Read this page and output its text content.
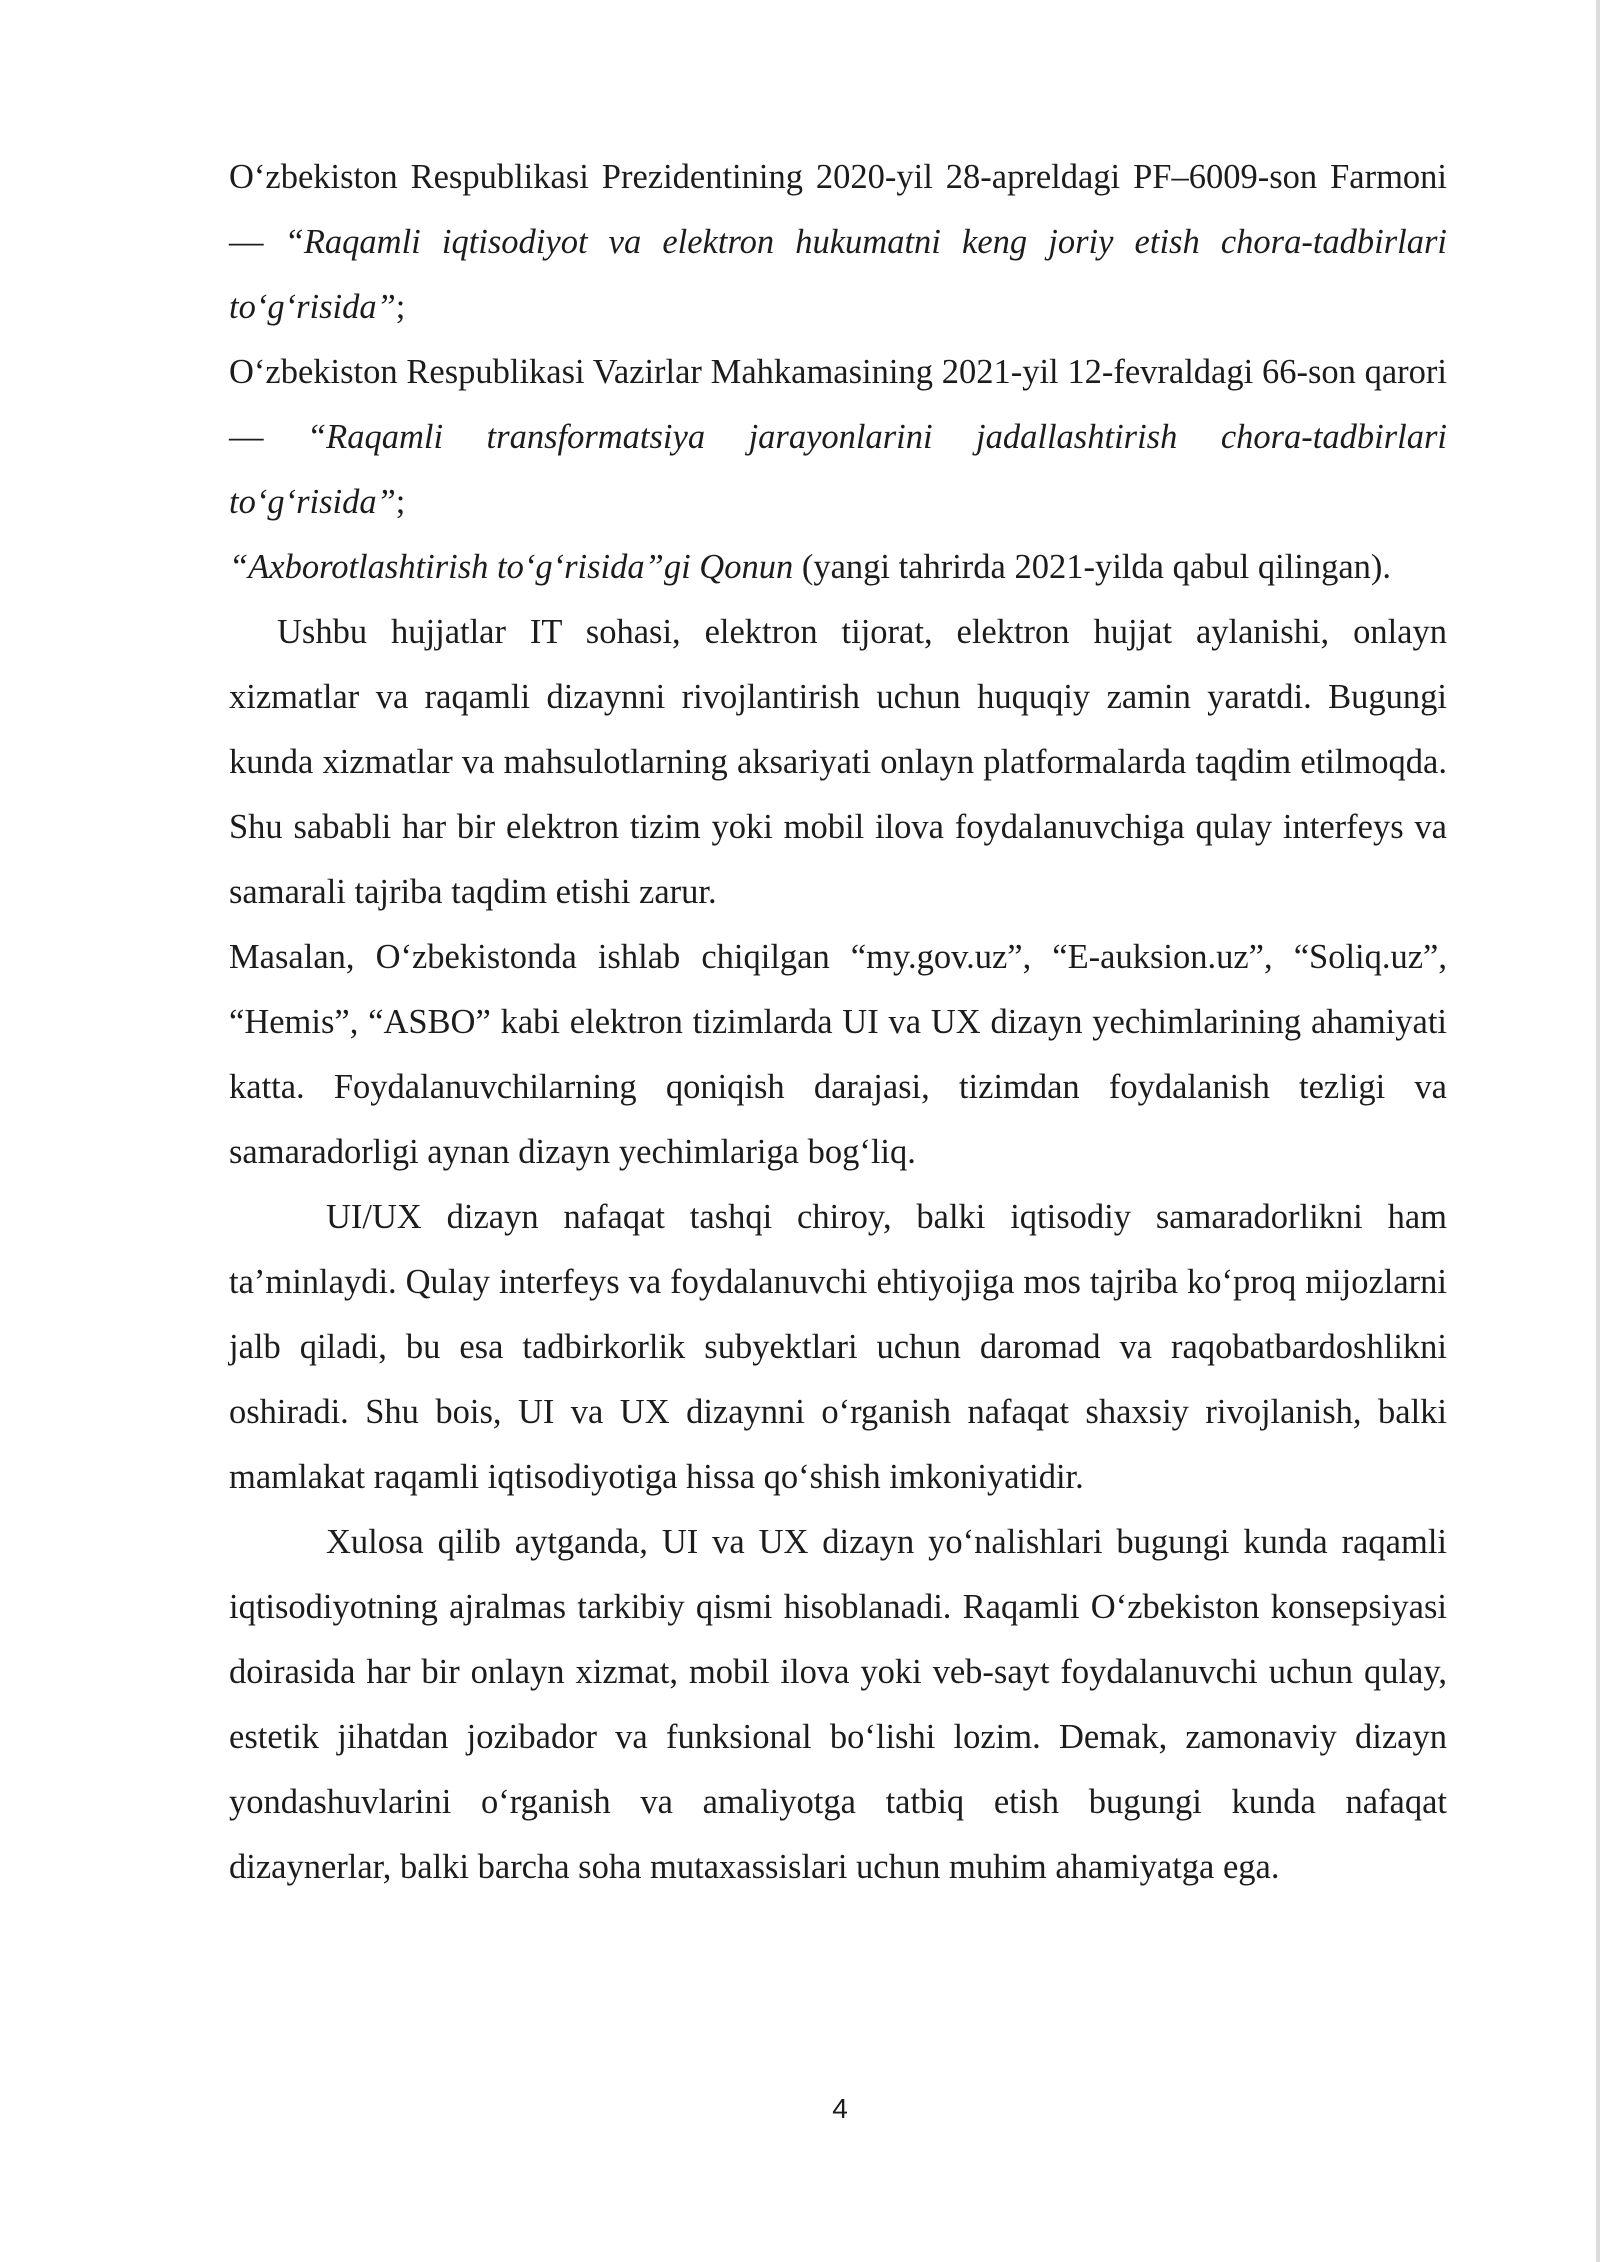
O‘zbekiston Respublikasi Prezidentining 2020-yil 28-apreldagi PF–6009-son Farmoni — “Raqamli iqtisodiyot va elektron hukumatni keng joriy etish chora-tadbirlari to‘g‘risida”;

O‘zbekiston Respublikasi Vazirlar Mahkamasining 2021-yil 12-fevraldagi 66-son qarori — “Raqamli transformatsiya jarayonlarini jadallashtirish chora-tadbirlari to‘g‘risida”;

“Axborotlashtirish to‘g‘risida”gi Qonun (yangi tahrirda 2021-yilda qabul qilingan).

Ushbu hujjatlar IT sohasi, elektron tijorat, elektron hujjat aylanishi, onlayn xizmatlar va raqamli dizaynni rivojlantirish uchun huquqiy zamin yaratdi. Bugungi kunda xizmatlar va mahsulotlarning aksariyati onlayn platformalarda taqdim etilmoqda. Shu sababli har bir elektron tizim yoki mobil ilova foydalanuvchiga qulay interfeys va samarali tajriba taqdim etishi zarur.

Masalan, O‘zbekistonda ishlab chiqilgan “my.gov.uz”, “E-auksion.uz”, “Soliq.uz”, “Hemis”, “ASBO” kabi elektron tizimlarda UI va UX dizayn yechimlarining ahamiyati katta. Foydalanuvchilarning qoniqish darajasi, tizimdan foydalanish tezligi va samaradorligi aynan dizayn yechimlariga bog‘liq.

UI/UX dizayn nafaqat tashqi chiroy, balki iqtisodiy samaradorlikni ham ta’minlaydi. Qulay interfeys va foydalanuvchi ehtiyojiga mos tajriba ko‘proq mijozlarni jalb qiladi, bu esa tadbirkorlik subyektlari uchun daromad va raqobatbardoshlikni oshiradi. Shu bois, UI va UX dizaynni o‘rganish nafaqat shaxsiy rivojlanish, balki mamlakat raqamli iqtisodiyotiga hissa qo‘shish imkoniyatidir.

Xulosa qilib aytganda, UI va UX dizayn yo‘nalishlari bugungi kunda raqamli iqtisodiyotning ajralmas tarkibiy qismi hisoblanadi. Raqamli O‘zbekiston konsepsiyasi doirasida har bir onlayn xizmat, mobil ilova yoki veb-sayt foydalanuvchi uchun qulay, estetik jihatdan jozibador va funksional bo‘lishi lozim. Demak, zamonaviy dizayn yondashuvlarini o‘rganish va amaliyotga tatbiq etish bugungi kunda nafaqat dizaynerlar, balki barcha soha mutaxassislari uchun muhim ahamiyatga ega.

4
